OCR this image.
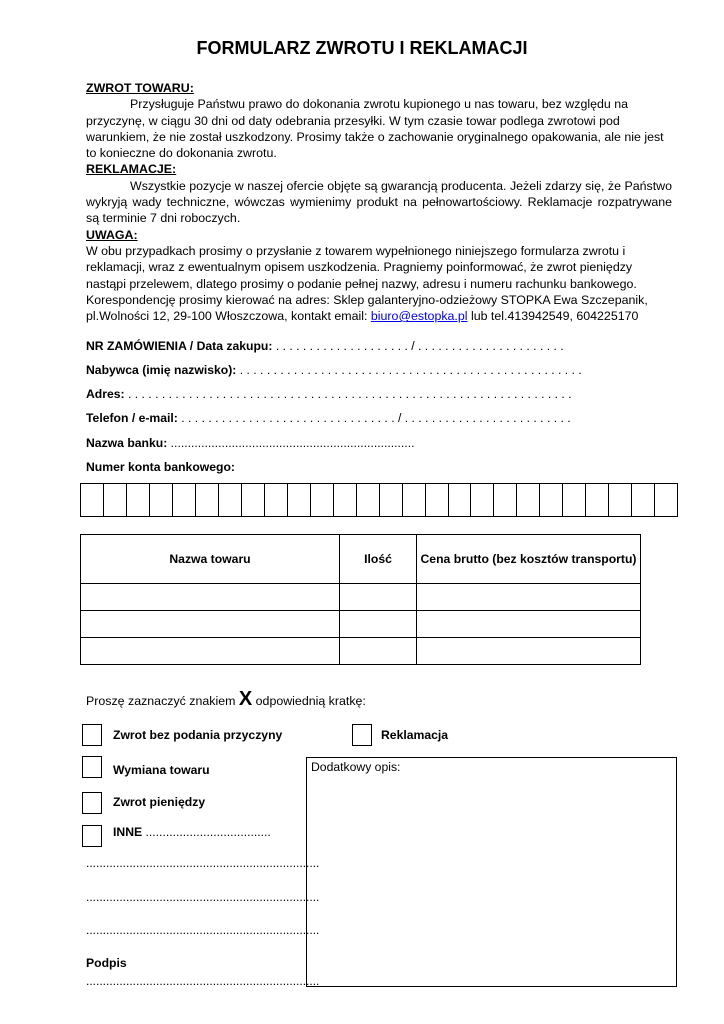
FORMULARZ ZWROTU I REKLAMACJI
ZWROT TOWARU:
Przysługuje Państwu prawo do dokonania zwrotu kupionego u nas towaru, bez względu na przyczynę, w ciągu 30 dni od daty odebrania przesyłki. W tym czasie towar podlega zwrotowi pod warunkiem, że nie został uszkodzony. Prosimy także o zachowanie oryginalnego opakowania, ale nie jest to konieczne do dokonania zwrotu.
REKLAMACJE:
Wszystkie pozycje w naszej ofercie objęte są gwarancją producenta. Jeżeli zdarzy się, że Państwo wykryją wady techniczne, wówczas wymienimy produkt na pełnowartościowy. Reklamacje rozpatrywane są terminie 7 dni roboczych.
UWAGA:
W obu przypadkach prosimy o przysłanie z towarem wypełnionego niniejszego formularza zwrotu i reklamacji, wraz z ewentualnym opisem uszkodzenia. Pragniemy poinformować, że zwrot pieniędzy nastąpi przelewem, dlatego prosimy o podanie pełnej nazwy, adresu i numeru rachunku bankowego.
Korespondencję prosimy kierować na adres: Sklep galanteryjno-odzieżowy STOPKA Ewa Szczepanik, pl.Wolności 12, 29-100 Włoszczowa, kontakt email: biuro@estopka.pl lub tel.413942549, 604225170
NR ZAMÓWIENIA / Data zakupu: . . . . . . . . . . . . . . . . . . . . / . . . . . . . . . . . . . . . . . . . . . .
Nabywca (imię nazwisko): . . . . . . . . . . . . . . . . . . . . . . . . . . . . . . . . . . . . . . . . . . . . . . . . . . .
Adres: . . . . . . . . . . . . . . . . . . . . . . . . . . . . . . . . . . . . . . . . . . . . . . . . . . . . . . . . . . . . . . . . . .
Telefon / e-mail: . . . . . . . . . . . . . . . . . . . . . . . . . . . . . . . . / . . . . . . . . . . . . . . . . . . . . . . . . .
Nazwa banku: ........................................................................
Numer konta bankowego:
Nazwa towaru	Ilość	Cena brutto (bez kosztów transportu)

Proszę zaznaczyć znakiem X odpowiednią kratkę:
Zwrot bez podania przyczyny	Reklamacja
Wymiana towaru
Zwrot pieniędzy
INNE .....................................
Dodatkowy opis:
......................................................................
......................................................................
......................................................................
Podpis
......................................................................
